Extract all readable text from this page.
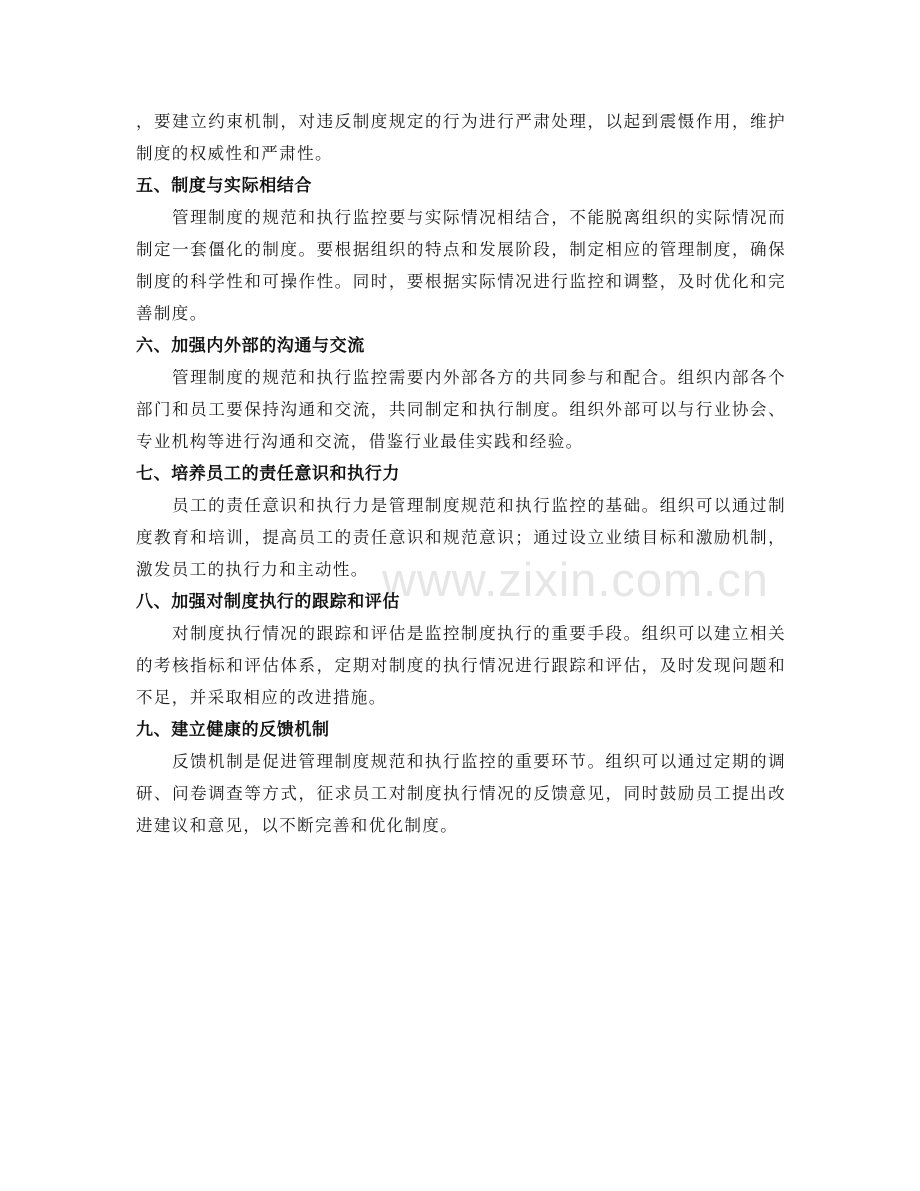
www.zixin.com.cn

，要建立约束机制，对违反制度规定的行为进行严肃处理，以起到震慑作用，维护制度的权威性和严肃性。

五、制度与实际相结合

管理制度的规范和执行监控要与实际情况相结合，不能脱离组织的实际情况而制定一套僵化的制度。要根据组织的特点和发展阶段，制定相应的管理制度，确保制度的科学性和可操作性。同时，要根据实际情况进行监控和调整，及时优化和完善制度。

六、加强内外部的沟通与交流

管理制度的规范和执行监控需要内外部各方的共同参与和配合。组织内部各个部门和员工要保持沟通和交流，共同制定和执行制度。组织外部可以与行业协会、专业机构等进行沟通和交流，借鉴行业最佳实践和经验。

七、培养员工的责任意识和执行力

员工的责任意识和执行力是管理制度规范和执行监控的基础。组织可以通过制度教育和培训，提高员工的责任意识和规范意识；通过设立业绩目标和激励机制，激发员工的执行力和主动性。

八、加强对制度执行的跟踪和评估

对制度执行情况的跟踪和评估是监控制度执行的重要手段。组织可以建立相关的考核指标和评估体系，定期对制度的执行情况进行跟踪和评估，及时发现问题和不足，并采取相应的改进措施。

九、建立健康的反馈机制

反馈机制是促进管理制度规范和执行监控的重要环节。组织可以通过定期的调研、问卷调查等方式，征求员工对制度执行情况的反馈意见，同时鼓励员工提出改进建议和意见，以不断完善和优化制度。
